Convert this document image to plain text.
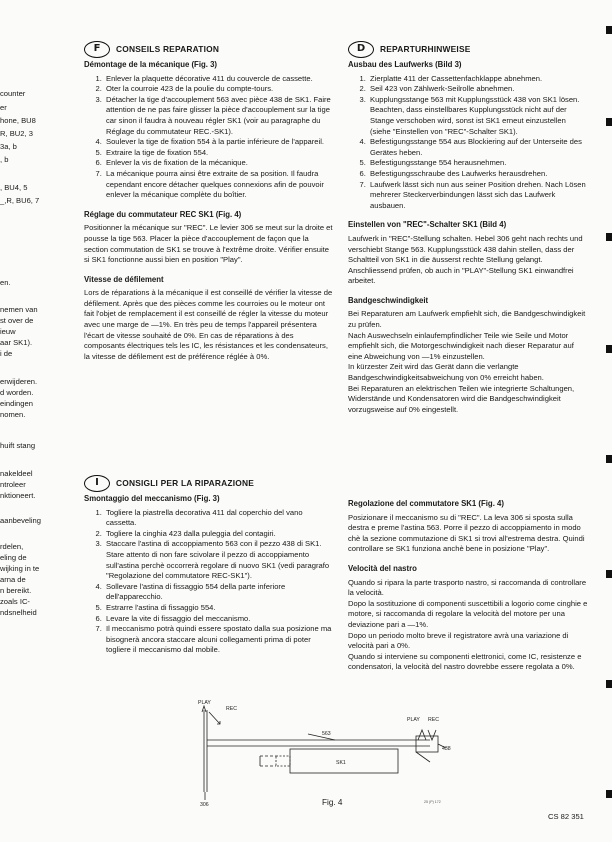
counter
er
hone, BU8
R, BU2, 3
3a, b
, b
, BU4, 5
_,R, BU6, 7
en.
nemen van
st over de
ieuw
aar SK1).
i de
erwijderen.
d worden.
eindingen
nomen.
huift stang
nakeldeel
ntroleer
nktioneert.
aanbeveling
rdelen,
eling de
wijking in te
arna de
n bereikt.
zoals IC-
ndsnelheid
F	CONSEILS REPARATION
Démontage de la mécanique (Fig. 3)
1. Enlever la plaquette décorative 411 du couvercle de cassette.
2. Oter la courroie 423 de la poulie du compte-tours.
3. Détacher la tige d'accouplement 563 avec pièce 438 de SK1. Faire attention de ne pas faire glisser la pièce d'accouplement sur la tige car sinon il faudra à nouveau régler SK1 (voir au paragraphe du Réglage du commutateur REC.-SK1).
4. Soulever la tige de fixation 554 à la partie inférieure de l'appareil.
5. Extraire la tige de fixation 554.
6. Enlever la vis de fixation de la mécanique.
7. La mécanique pourra ainsi être extraite de sa position. Il faudra cependant encore détacher quelques connexions afin de pouvoir enlever la mécanique complète du boîtier.
Réglage du commutateur REC SK1 (Fig. 4)

Positionner la mécanique sur "REC". Le levier 306 se meut sur la droite et pousse la tige 563. Placer la pièce d'accouplement de façon que la section commutation de SK1 se trouve à l'extrême droite. Vérifier ensuite si SK1 fonctionne aussi bien en position "Play".

Vitesse de défilement

Lors de réparations à la mécanique il est conseillé de vérifier la vitesse de défilement. Après que des pièces comme les courroies ou le moteur ont fait l'objet de remplacement il est conseillé de régler la vitesse du moteur avec une marge de —1%. En très peu de temps l'appareil présentera l'écart de vitesse souhaité de 0%. En cas de réparations à des composants électriques tels les IC, les résistances et les condensateurs, la vitesse de défilement est de préférence réglée à 0%.

D	REPARTURHINWEISE
Ausbau des Laufwerks (Bild 3)
1. Zierplatte 411 der Cassettenfachklappe abnehmen.
2. Seil 423 von Zählwerk-Seilrolle abnehmen.
3. Kupplungsstange 563 mit Kupplungsstück 438 von SK1 lösen. Beachten, dass einstellbares Kupplungsstück nicht auf der Stange verschoben wird, sonst ist SK1 erneut einzustellen (siehe "Einstellen von "REC"-Schalter SK1).
4. Befestigungsstange 554 aus Blockiering auf der Unterseite des Gerätes heben.
5. Befestigungsstange 554 herausnehmen.
6. Befestigungsschraube des Laufwerks herausdrehen.
7. Laufwerk lässt sich nun aus seiner Position drehen. Nach Lösen mehrerer Steckerverbindungen lässt sich das Laufwerk ausbauen.
Einstellen von "REC"-Schalter SK1 (Bild 4)

Laufwerk in "REC"-Stellung schalten. Hebel 306 geht nach rechts und verschiebt Stange 563. Kupplungsstück 438 dahin stellen, dass der Schaltteil von SK1 in die äusserst rechte Stellung gelangt. Anschliessend prüfen, ob auch in "PLAY"-Stellung SK1 einwandfrei arbeitet.

Bandgeschwindigkeit

Bei Reparaturen am Laufwerk empfiehlt sich, die Bandgeschwindigkeit zu prüfen.

Nach Auswechseln einlaufempfindlicher Teile wie Seile und Motor empfiehlt sich, die Motorgeschwindigkeit nach dieser Reparatur auf eine Abweichung von —1% einzustellen.

In kürzester Zeit wird das Gerät dann die verlangte Bandgeschwindigkeitsabweichung von 0% erreicht haben.

Bei Reparaturen an elektrischen Teilen wie integrierte Schaltungen, Widerstände und Kondensatoren wird die Bandgeschwindigkeit vorzugsweise auf 0% eingestellt.

I	CONSIGLI PER LA RIPARAZIONE
Smontaggio del meccanismo (Fig. 3)
1. Togliere la piastrella decorativa 411 dal coperchio del vano cassetta.
2. Togliere la cinghia 423 dalla puleggia del contagiri.
3. Staccare l'astina di accoppiamento 563 con il pezzo 438 di SK1. Stare attento di non fare scivolare il pezzo di accoppiamento sull'astina perchè occorrerà regolare di nuovo SK1 (vedi paragrafo "Regolazione del commutatore REC-SK1").
4. Sollevare l'astina di fissaggio 554 della parte inferiore dell'apparecchio.
5. Estrarre l'astina di fissaggio 554.
6. Levare la vite di fissaggio del meccanismo.
7. Il meccanismo potrà quindi essere spostato dalla sua posizione ma bisognerà ancora staccare alcuni collegamenti prima di poter togliere il meccanismo dal mobile.
Regolazione del commutatore SK1 (Fig. 4)

Posizionare il meccanismo su di "REC". La leva 306 si sposta sulla destra e preme l'astina 563. Porre il pezzo di accoppiamento in modo chè la sezione commutazione di SK1 si trovi all'estrema destra. Quindi controllare se SK1 funziona anchè bene in posizione "Play".

Velocità del nastro

Quando si ripara la parte trasporto nastro, si raccomanda di controllare la velocità.

Dopo la sostituzione di componenti suscettibili a logorio come cinghie e motore, si raccomanda di regolare la velocità del motore per una deviazione pari a —1%.

Dopo un periodo molto breve il registratore avrà una variazione di velocità pari a 0%.

Quando si interviene su componenti elettronici, come IC, resistenze e condensatori, la velocità del nastro dovrebbe essere regolata a 0%.

PLAY
REC
563
SK1
PLAY REC
438
306	Fig. 4	25 (P) 172
CS 82 351
